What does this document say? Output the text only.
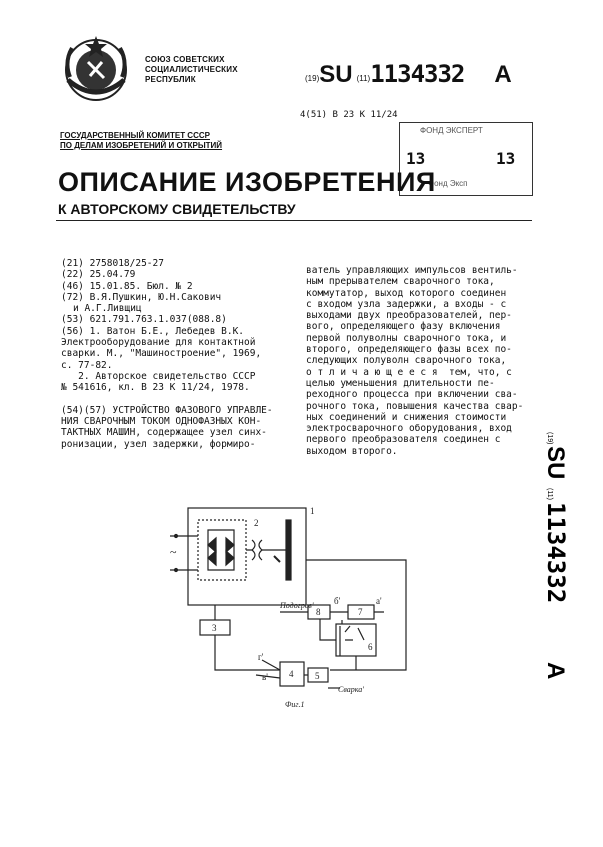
СОЮЗ СОВЕТСКИХ
СОЦИАЛИСТИЧЕСКИХ
РЕСПУБЛИК	(19)SU (11)1134332 A
4(51) В 23 К 11/24
ГОСУДАРСТВЕННЫЙ КОМИТЕТ СССР
ПО ДЕЛАМ ИЗОБРЕТЕНИЙ И ОТКРЫТИЙ
ФОНД ЭКСПЕРТ
13	13
Фонд Эксп
ОПИСАНИЕ ИЗОБРЕТЕНИЯ
К АВТОРСКОМУ СВИДЕТЕЛЬСТВУ
(21) 2758018/25-27
(22) 25.04.79
(46) 15.01.85. Бюл. № 2
(72) В.Я.Пушкин, Ю.Н.Сакович
и А.Г.Ливщиц
(53) 621.791.763.1.037(088.8)
(56) 1. Ватон Б.Е., Лебедев В.К.
Электрооборудование для контактной
сварки. М., "Машиностроение", 1969,
с. 77-82.
2. Авторское свидетельство СССР
№ 541616, кл. В 23 К 11/24, 1978.

(54)(57) УСТРОЙСТВО ФАЗОВОГО УПРАВЛЕ-
НИЯ СВАРОЧНЫМ ТОКОМ ОДНОФАЗНЫХ КОН-
ТАКТНЫХ МАШИН, содержащее узел синх-
ронизации, узел задержки, формиро-
ватель управляющих импульсов вентиль-
ным прерывателем сварочного тока,
коммутатор, выход которого соединен
с входом узла задержки, а входы - с
выходами двух преобразователей, пер-
вого, определяющего фазу включения
первой полуволны сварочного тока, и
второго, определяющего фазы всех по-
следующих полуволн сварочного тока,
о т л и ч а ю щ е е с я  тем, что, с
целью уменьшения длительности пе-
реходного процесса при включении сва-
рочного тока, повышения качества свар-
ных соединений и снижения стоимости
электросварочного оборудования, вход
первого преобразователя соединен с
выходом второго.
(19)
SU
(11)
1134332
A
1
2
3
4 5
6
7
8
а'
б'
в'
г'
~
Подогрев'
Сварка'
Фиг.1
